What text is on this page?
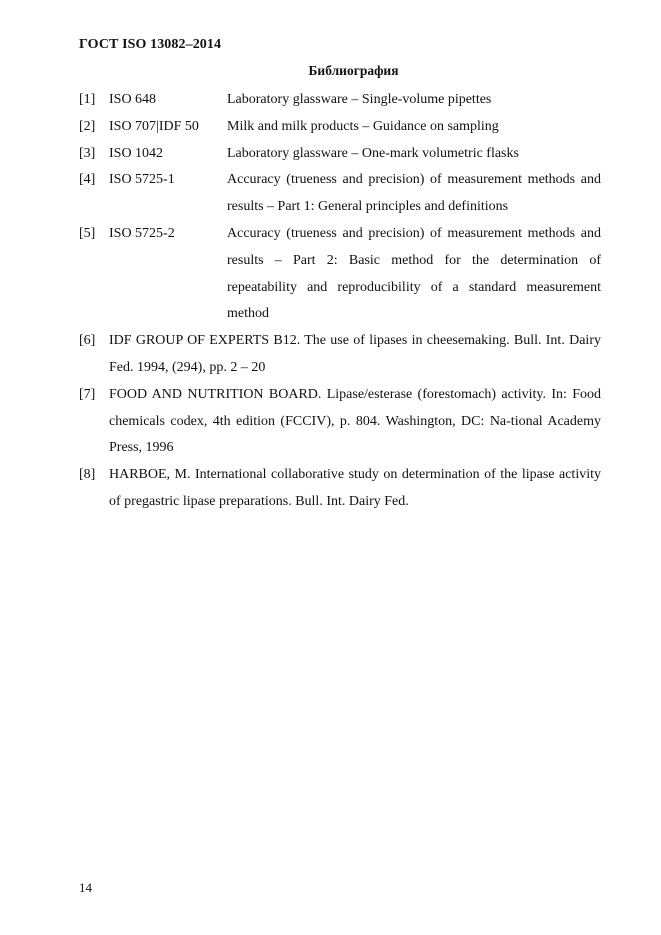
ГОСТ ISO 13082–2014
Библиография
[1] ISO 648	Laboratory glassware – Single-volume pipettes
[2] ISO 707|IDF 50 Milk and milk products – Guidance on sampling
[3] ISO 1042	Laboratory glassware – One-mark volumetric flasks
[4] ISO 5725-1	Accuracy (trueness and precision) of measurement methods and results – Part 1: General principles and definitions
[5] ISO 5725-2	Accuracy (trueness and precision) of measurement methods and results – Part 2: Basic method for the determination of repeatability and reproducibility of a standard measurement method
[6] IDF GROUP OF EXPERTS B12. The use of lipases in cheesemaking. Bull. Int. Dairy Fed. 1994, (294), pp. 2 – 20
[7] FOOD AND NUTRITION BOARD. Lipase/esterase (forestomach) activity. In: Food chemicals codex, 4th edition (FCCIV), p. 804. Washington, DC: Na-tional Academy Press, 1996
[8] HARBOE, M. International collaborative study on determination of the lipase activity of pregastric lipase preparations. Bull. Int. Dairy Fed.
14
